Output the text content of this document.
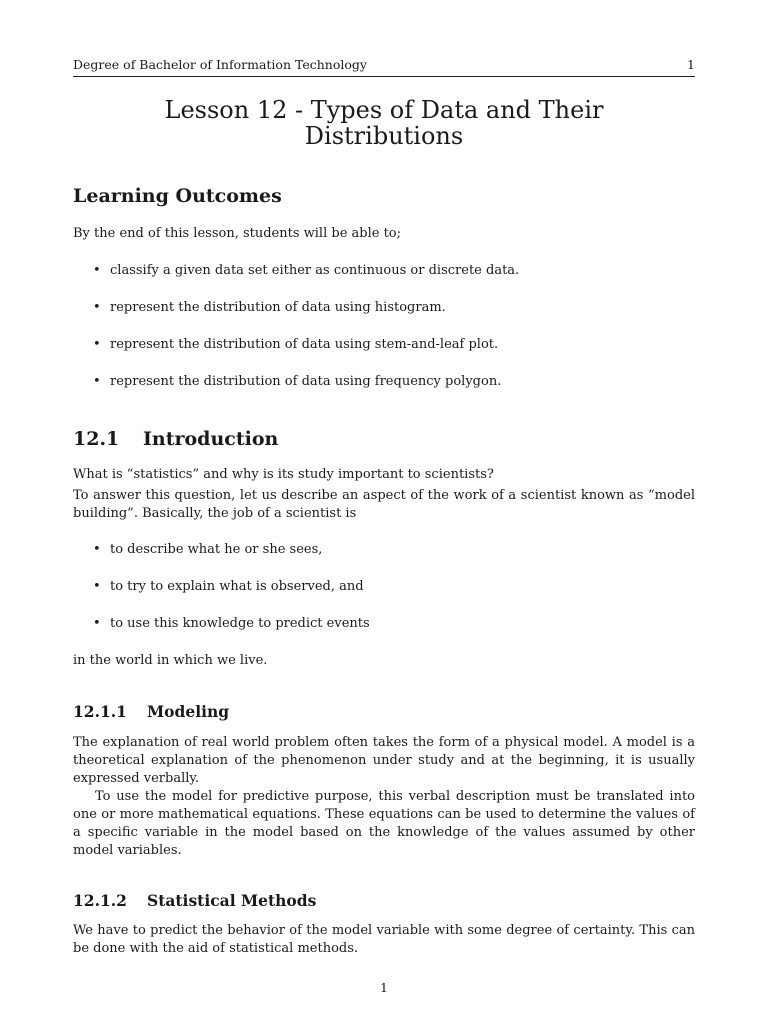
Degree of Bachelor of Information Technology	1
Lesson 12 - Types of Data and Their
Distributions
Learning Outcomes

By the end of this lesson, students will be able to;

• classify a given data set either as continuous or discrete data.

• represent the distribution of data using histogram.

• represent the distribution of data using stem-and-leaf plot.

• represent the distribution of data using frequency polygon.

12.1 Introduction

What is “statistics” and why is its study important to scientists?

To answer this question, let us describe an aspect of the work of a scientist known as “model building”. Basically, the job of a scientist is

• to describe what he or she sees,

• to try to explain what is observed, and

• to use this knowledge to predict events

in the world in which we live.

12.1.1 Modeling

The explanation of real world problem often takes the form of a physical model. A model is a theoretical explanation of the phenomenon under study and at the beginning, it is usually expressed verbally.

To use the model for predictive purpose, this verbal description must be translated into one or more mathematical equations. These equations can be used to determine the values of a specific variable in the model based on the knowledge of the values assumed by other model variables.

12.1.2 Statistical Methods

We have to predict the behavior of the model variable with some degree of certainty. This can be done with the aid of statistical methods.

1
